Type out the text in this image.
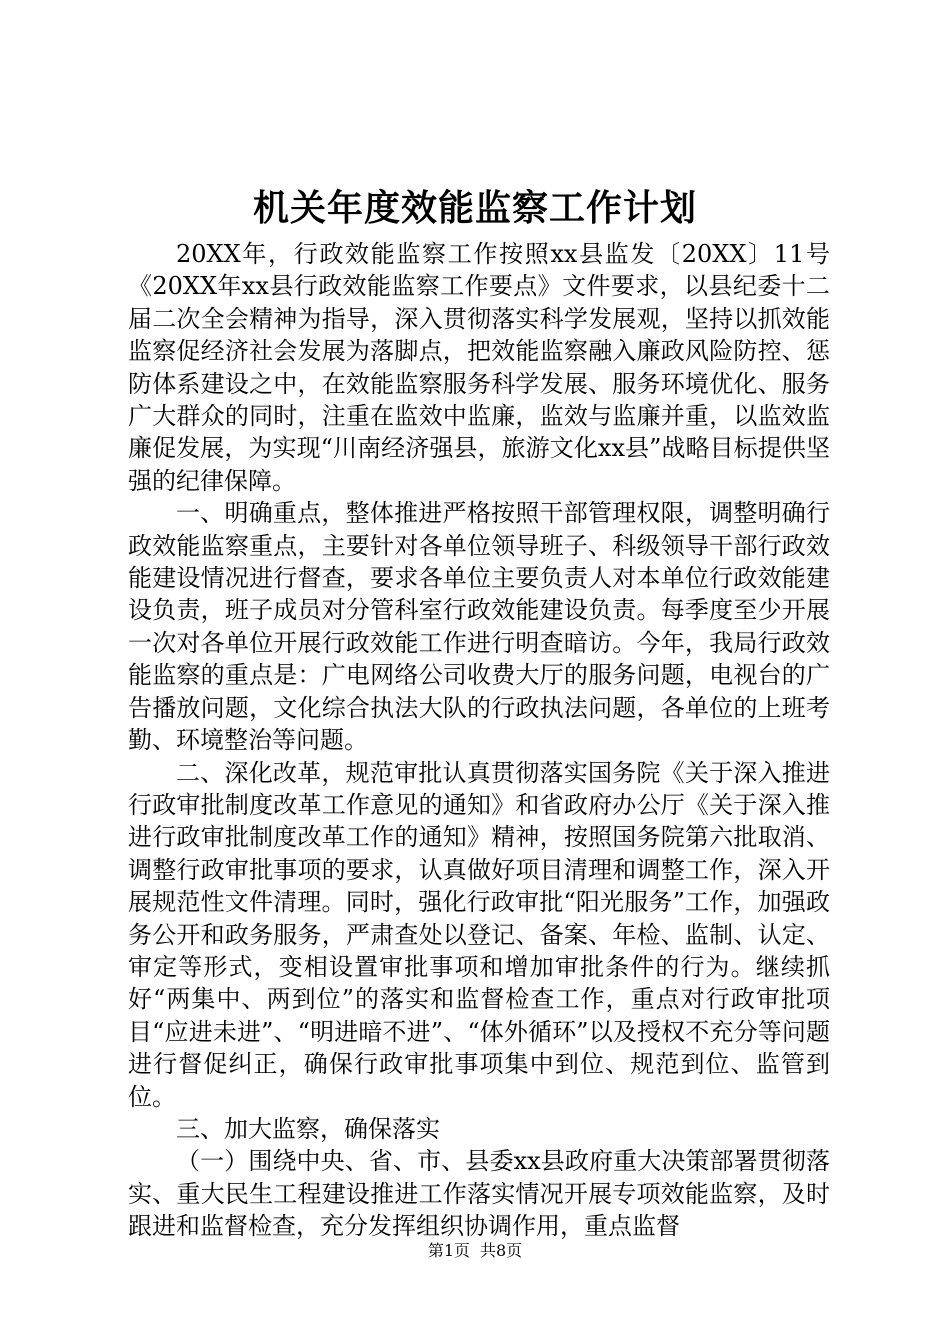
机关年度效能监察工作计划

20XX年，行政效能监察工作按照xx县监发〔20XX〕11号《20XX年xx县行政效能监察工作要点》文件要求，以县纪委十二届二次全会精神为指导，深入贯彻落实科学发展观，坚持以抓效能监察促经济社会发展为落脚点，把效能监察融入廉政风险防控、惩防体系建设之中，在效能监察服务科学发展、服务环境优化、服务广大群众的同时，注重在监效中监廉，监效与监廉并重，以监效监廉促发展，为实现“川南经济强县，旅游文化xx县”战略目标提供坚强的纪律保障。

一、明确重点，整体推进严格按照干部管理权限，调整明确行政效能监察重点，主要针对各单位领导班子、科级领导干部行政效能建设情况进行督查，要求各单位主要负责人对本单位行政效能建设负责，班子成员对分管科室行政效能建设负责。每季度至少开展一次对各单位开展行政效能工作进行明查暗访。今年，我局行政效能监察的重点是：广电网络公司收费大厅的服务问题，电视台的广告播放问题，文化综合执法大队的行政执法问题，各单位的上班考勤、环境整治等问题。

二、深化改革，规范审批认真贯彻落实国务院《关于深入推进行政审批制度改革工作意见的通知》和省政府办公厅《关于深入推进行政审批制度改革工作的通知》精神，按照国务院第六批取消、调整行政审批事项的要求，认真做好项目清理和调整工作，深入开展规范性文件清理。同时，强化行政审批“阳光服务”工作，加强政务公开和政务服务，严肃查处以登记、备案、年检、监制、认定、审定等形式，变相设置审批事项和增加审批条件的行为。继续抓好“两集中、两到位”的落实和监督检查工作，重点对行政审批项目“应进未进”、“明进暗不进”、“体外循环”以及授权不充分等问题进行督促纠正，确保行政审批事项集中到位、规范到位、监管到位。

三、加大监察，确保落实

（一）围绕中央、省、市、县委xx县政府重大决策部署贯彻落实、重大民生工程建设推进工作落实情况开展专项效能监察，及时跟进和监督检查，充分发挥组织协调作用，重点监督

第1页 共8页
